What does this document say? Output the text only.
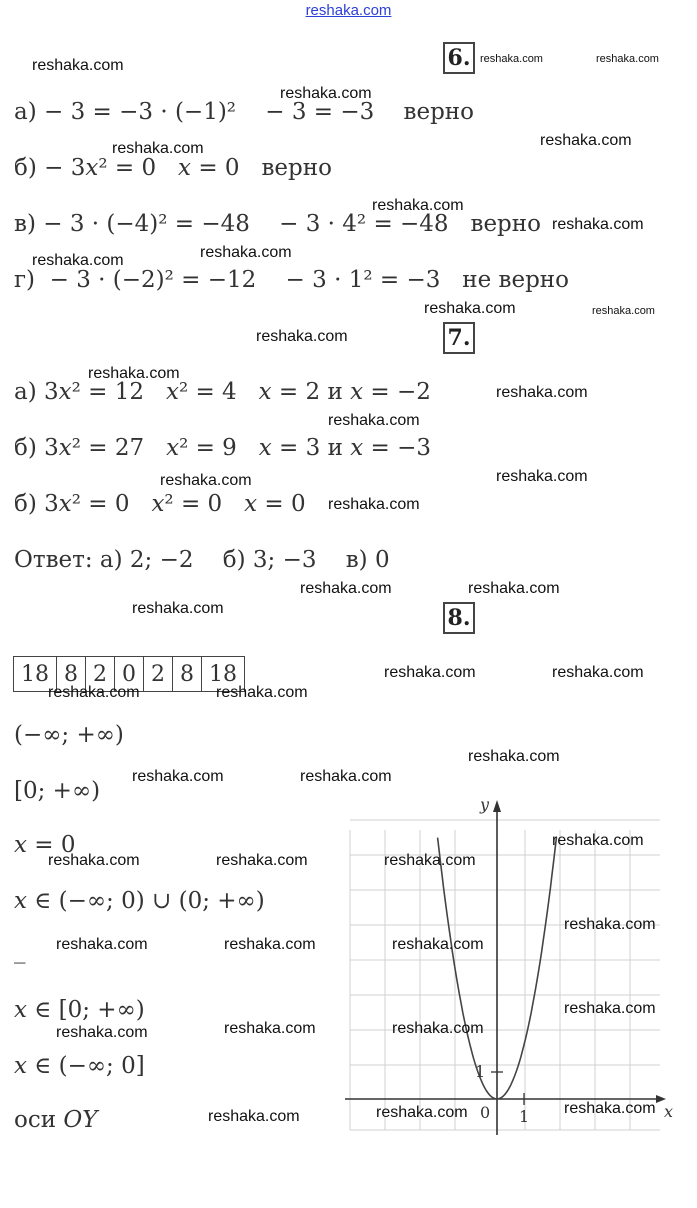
reshaka.com
6.
а) − 3 = −3 · (−1)²    − 3 = −3    верно
б) − 3x² = 0   x = 0   верно
в) − 3 · (−4)² = −48    − 3 · 4² = −48   верно
г)  − 3 · (−2)² = −12    − 3 · 1² = −3   не верно
7.
а) 3x² = 12   x² = 4   x = 2 и x = −2
б) 3x² = 27   x² = 9   x = 3 и x = −3
б) 3x² = 0   x² = 0   x = 0
Ответ: а) 2; −2    б) 3; −3    в) 0
8.
18	8	2	0	2	8	18
(−∞; +∞)
[0; +∞)
x = 0
x ∈ (−∞; 0) ∪ (0; +∞)
_
x ∈ [0; +∞)
x ∈ (−∞; 0]
оси OY
y
x
0 1
1
reshaka.com	reshaka.com	reshaka.com
reshaka.com
reshaka.com
reshaka.com
reshaka.com
reshaka.com
reshaka.com
reshaka.com
reshaka.com	reshaka.com
reshaka.com
reshaka.com
reshaka.com
reshaka.com
reshaka.com
reshaka.com
reshaka.com
reshaka.com	reshaka.com
reshaka.com
reshaka.com	reshaka.com
reshaka.com	reshaka.com
reshaka.com
reshaka.com	reshaka.com
reshaka.com
reshaka.com	reshaka.com	reshaka.com
reshaka.com
reshaka.com	reshaka.com	reshaka.com
reshaka.com
reshaka.com	reshaka.com	reshaka.com
reshaka.com	reshaka.com	reshaka.com
